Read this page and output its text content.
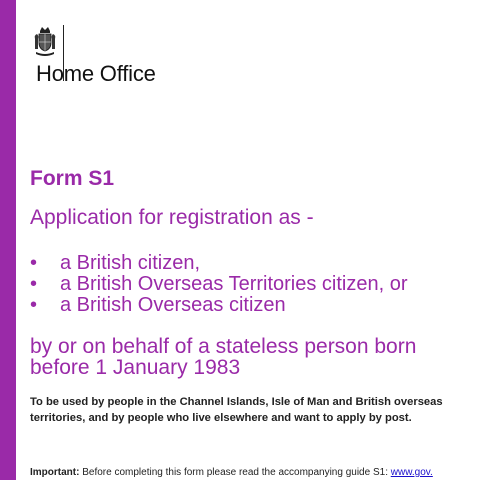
Home Office
Form S1

Application for registration as -

•	a British citizen,
•	a British Overseas Territories citizen, or
•	a British Overseas citizen

by or on behalf of a stateless person born before 1 January 1983

To be used by people in the Channel Islands, Isle of Man and British overseas territories, and by people who live elsewhere and want to apply by post.

Important: Before completing this form please read the accompanying guide S1: www.gov.
